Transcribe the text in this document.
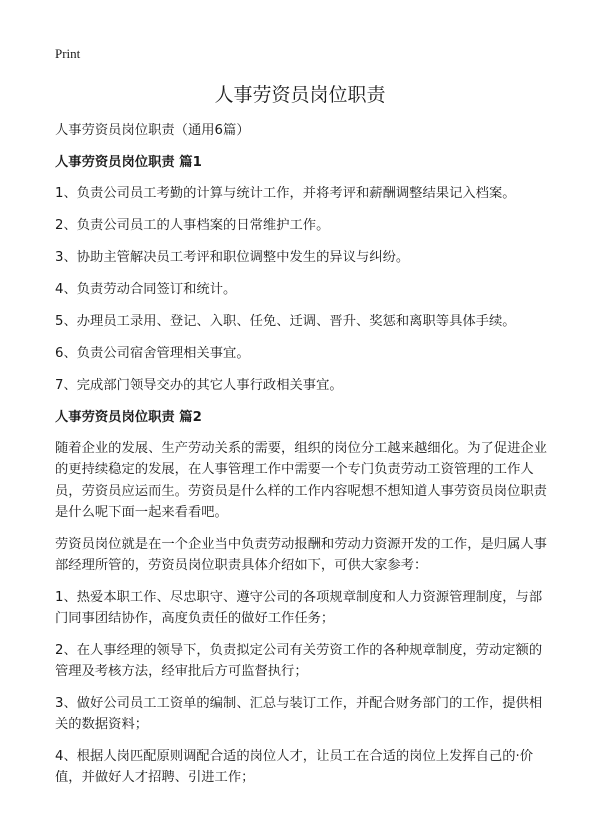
Print
人事劳资员岗位职责

人事劳资员岗位职责（通用6篇）

人事劳资员岗位职责 篇1

1、负责公司员工考勤的计算与统计工作，并将考评和薪酬调整结果记入档案。

2、负责公司员工的人事档案的日常维护工作。

3、协助主管解决员工考评和职位调整中发生的异议与纠纷。

4、负责劳动合同签订和统计。

5、办理员工录用、登记、入职、任免、迁调、晋升、奖惩和离职等具体手续。

6、负责公司宿舍管理相关事宜。

7、完成部门领导交办的其它人事行政相关事宜。

人事劳资员岗位职责 篇2

随着企业的发展、生产劳动关系的需要，组织的岗位分工越来越细化。为了促进企业的更持续稳定的发展，在人事管理工作中需要一个专门负责劳动工资管理的工作人员，劳资员应运而生。劳资员是什么样的工作内容呢想不想知道人事劳资员岗位职责是什么呢下面一起来看看吧。

劳资员岗位就是在一个企业当中负责劳动报酬和劳动力资源开发的工作，是归属人事部经理所管的，劳资员岗位职责具体介绍如下，可供大家参考：

1、热爱本职工作、尽忠职守、遵守公司的各项规章制度和人力资源管理制度，与部门同事团结协作，高度负责任的做好工作任务；

2、在人事经理的领导下，负责拟定公司有关劳资工作的各种规章制度，劳动定额的管理及考核方法，经审批后方可监督执行；

3、做好公司员工工资单的编制、汇总与装订工作，并配合财务部门的工作，提供相关的数据资料；

4、根据人岗匹配原则调配合适的岗位人才，让员工在合适的岗位上发挥自己的·价值，并做好人才招聘、引进工作；
